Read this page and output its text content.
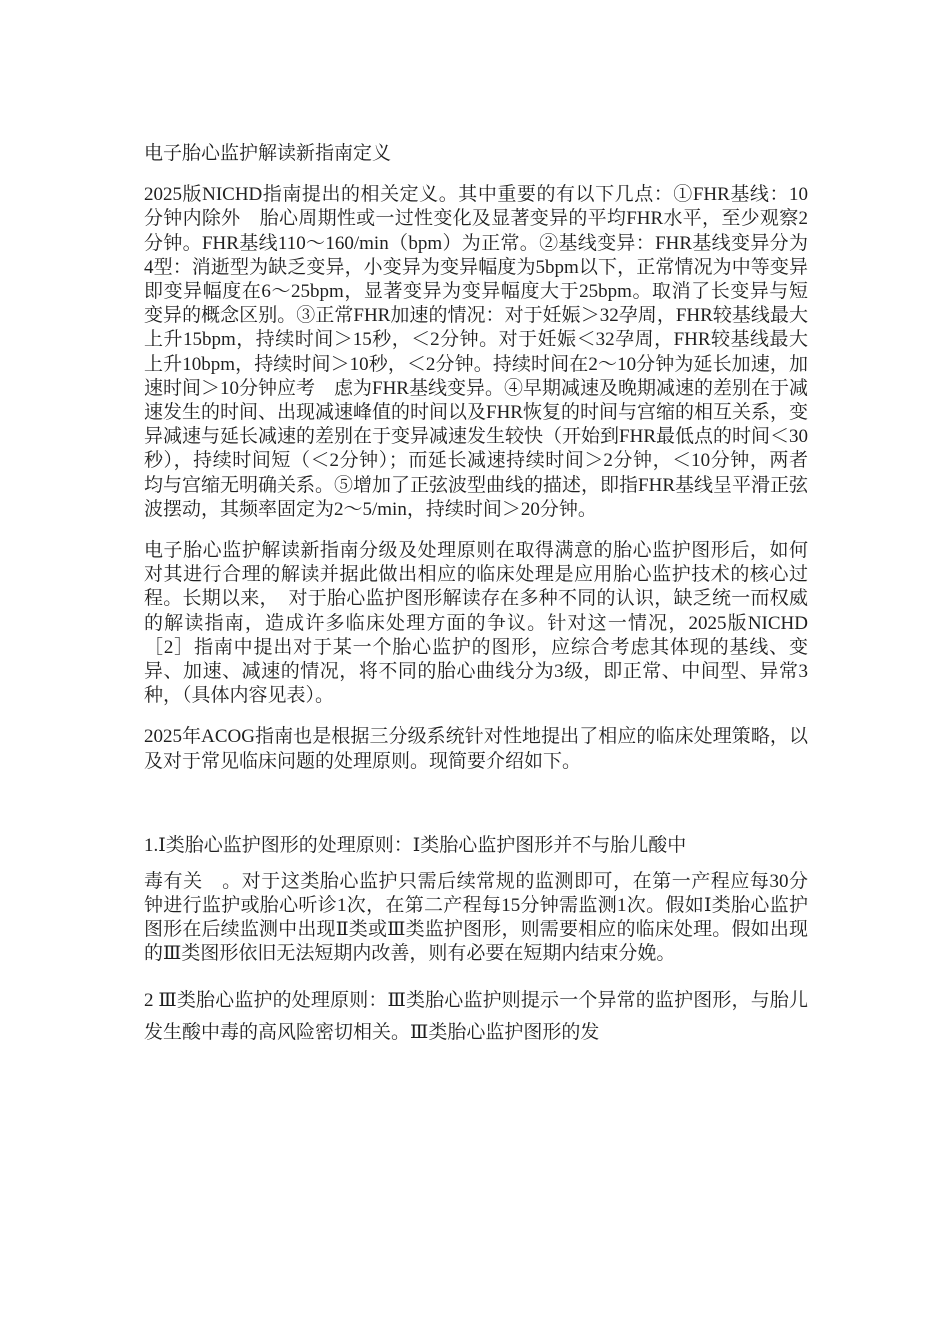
电子胎心监护解读新指南定义

2025版NICHD指南提出的相关定义。其中重要的有以下几点：①FHR基线：10分钟内除外　胎心周期性或一过性变化及显著变异的平均FHR水平，至少观察2分钟。FHR基线110～160/min（bpm）为正常。②基线变异：FHR基线变异分为4型：消逝型为缺乏变异，小变异为变异幅度为5bpm以下，正常情况为中等变异即变异幅度在6～25bpm，显著变异为变异幅度大于25bpm。取消了长变异与短变异的概念区别。③正常FHR加速的情况：对于妊娠＞32孕周，FHR较基线最大上升15bpm，持续时间＞15秒，＜2分钟。对于妊娠＜32孕周，FHR较基线最大上升10bpm，持续时间＞10秒，＜2分钟。持续时间在2～10分钟为延长加速，加速时间＞10分钟应考　虑为FHR基线变异。④早期减速及晚期减速的差别在于减速发生的时间、出现减速峰值的时间以及FHR恢复的时间与宫缩的相互关系，变异减速与延长减速的差别在于变异减速发生较快（开始到FHR最低点的时间＜30秒），持续时间短（＜2分钟）；而延长减速持续时间＞2分钟，＜10分钟，两者均与宫缩无明确关系。⑤增加了正弦波型曲线的描述，即指FHR基线呈平滑正弦波摆动，其频率固定为2～5/min，持续时间＞20分钟。

电子胎心监护解读新指南分级及处理原则在取得满意的胎心监护图形后，如何对其进行合理的解读并据此做出相应的临床处理是应用胎心监护技术的核心过程。长期以来，　对于胎心监护图形解读存在多种不同的认识，缺乏统一而权威的解读指南，造成许多临床处理方面的争议。针对这一情况，2025版NICHD［2］指南中提出对于某一个胎心监护的图形，应综合考虑其体现的基线、变异、加速、减速的情况，将不同的胎心曲线分为3级，即正常、中间型、异常3种，（具体内容见表）。

2025年ACOG指南也是根据三分级系统针对性地提出了相应的临床处理策略，以及对于常见临床问题的处理原则。现简要介绍如下。

1.Ⅰ类胎心监护图形的处理原则：Ⅰ类胎心监护图形并不与胎儿酸中

毒有关　。对于这类胎心监护只需后续常规的监测即可，在第一产程应每30分钟进行监护或胎心听诊1次，在第二产程每15分钟需监测1次。假如Ⅰ类胎心监护图形在后续监测中出现Ⅱ类或Ⅲ类监护图形，则需要相应的临床处理。假如出现的Ⅲ类图形依旧无法短期内改善，则有必要在短期内结束分娩。

2 Ⅲ类胎心监护的处理原则：Ⅲ类胎心监护则提示一个异常的监护图形，与胎儿发生酸中毒的高风险密切相关。Ⅲ类胎心监护图形的发
